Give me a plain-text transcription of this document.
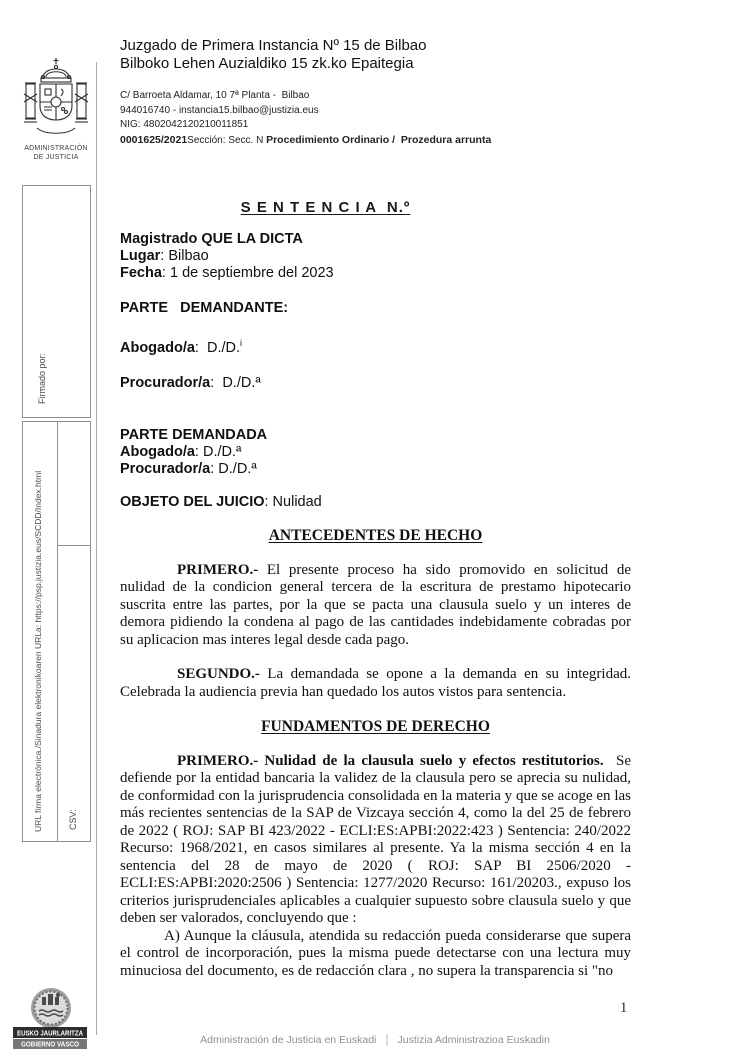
ADMINISTRACIÓN
DE JUSTICIA
Firmado por:
URL firma electrónica./Sinadura elektronikoaren URLa: https://psp.justizia.eus/SCDD/Index.html	CSV:
EUSKO JAURLARITZA
GOBIERNO VASCO
Juzgado de Primera Instancia Nº 15 de Bilbao
Bilboko Lehen Auzialdiko 15 zk.ko Epaitegia
C/ Barroeta Aldamar, 10 7ª Planta -  Bilbao
944016740 - instancia15.bilbao@justizia.eus
NIG: 4802042120210011851
0001625/2021Sección: Secc. N Procedimiento Ordinario /  Prozedura arrunta
S E N T E N C I A  N.º
Magistrado QUE LA DICTA
Lugar: Bilbao
Fecha: 1 de septiembre del 2023
PARTE   DEMANDANTE:
Abogado/a:  D./D.$^i$
Procurador/a:  D./D.ª
PARTE DEMANDADA
Abogado/a: D./D.ª
Procurador/a: D./D.ª
OBJETO DEL JUICIO: Nulidad
ANTECEDENTES DE HECHO

PRIMERO.- El presente proceso ha sido promovido en solicitud de nulidad de la condicion general tercera de la escritura de prestamo hipotecario suscrita entre las partes, por la que se pacta una clausula suelo y un interes de demora pidiendo la condena al pago de las cantidades indebidamente cobradas por su aplicacion mas interes legal desde cada pago.

SEGUNDO.- La demandada se opone a la demanda en su integridad. Celebrada la audiencia previa han quedado los autos vistos para sentencia.

FUNDAMENTOS DE DERECHO

PRIMERO.- Nulidad de la clausula suelo y efectos restitutorios.  Se defiende por la entidad bancaria la validez de la clausula pero se aprecia su nulidad, de conformidad con la jurisprudencia consolidada en la materia y que se acoge en las más recientes sentencias de la SAP de Vizcaya sección 4, como la del 25 de febrero de 2022 ( ROJ: SAP BI 423/2022 - ECLI:ES:APBI:2022:423 ) Sentencia: 240/2022 Recurso: 1968/2021, en casos similares al presente. Ya la misma sección 4 en la sentencia del 28 de mayo de 2020 ( ROJ: SAP BI 2506/2020 - ECLI:ES:APBI:2020:2506 ) Sentencia: 1277/2020 Recurso: 161/20203., expuso los criterios jurisprudenciales aplicables a cualquier supuesto sobre clausula suelo y que deben ser valorados, concluyendo que :

A) Aunque la cláusula, atendida su redacción pueda considerarse que supera el control de incorporación, pues la misma puede detectarse con una lectura muy minuciosa del documento, es de redacción clara , no supera la transparencia si "no

1
Administración de Justicia en Euskadi | Justizia Administrazioa Euskadin
